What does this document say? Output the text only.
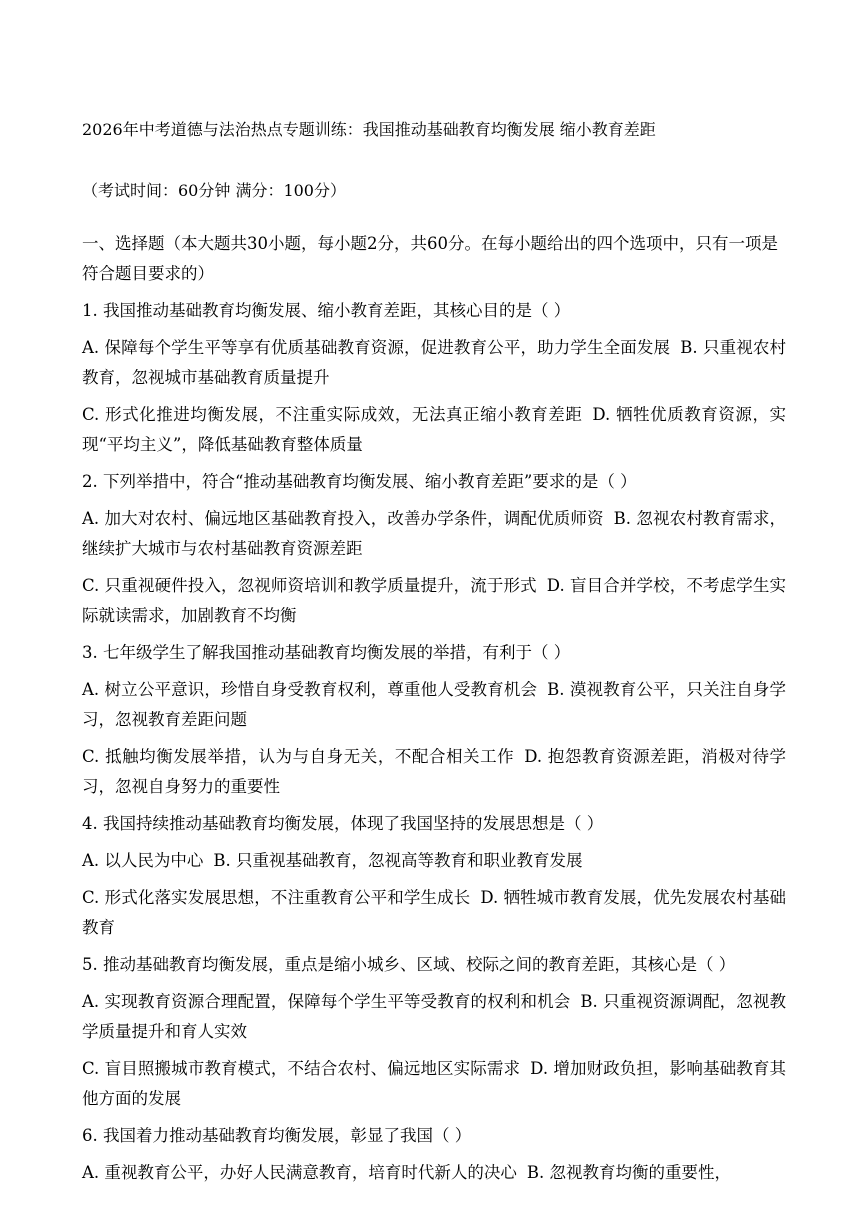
2026年中考道德与法治热点专题训练：我国推动基础教育均衡发展 缩小教育差距

（考试时间：60分钟 满分：100分）
一、选择题（本大题共30小题，每小题2分，共60分。在每小题给出的四个选项中，只有一项是符合题目要求的）
1. 我国推动基础教育均衡发展、缩小教育差距，其核心目的是（ ）
A. 保障每个学生平等享有优质基础教育资源，促进教育公平，助力学生全面发展 B. 只重视农村教育，忽视城市基础教育质量提升
C. 形式化推进均衡发展，不注重实际成效，无法真正缩小教育差距 D. 牺牲优质教育资源，实现“平均主义”，降低基础教育整体质量
2. 下列举措中，符合“推动基础教育均衡发展、缩小教育差距”要求的是（ ）
A. 加大对农村、偏远地区基础教育投入，改善办学条件，调配优质师资 B. 忽视农村教育需求，继续扩大城市与农村基础教育资源差距
C. 只重视硬件投入，忽视师资培训和教学质量提升，流于形式 D. 盲目合并学校，不考虑学生实际就读需求，加剧教育不均衡
3. 七年级学生了解我国推动基础教育均衡发展的举措，有利于（ ）
A. 树立公平意识，珍惜自身受教育权利，尊重他人受教育机会 B. 漠视教育公平，只关注自身学习，忽视教育差距问题
C. 抵触均衡发展举措，认为与自身无关，不配合相关工作 D. 抱怨教育资源差距，消极对待学习，忽视自身努力的重要性
4. 我国持续推动基础教育均衡发展，体现了我国坚持的发展思想是（ ）
A. 以人民为中心 B. 只重视基础教育，忽视高等教育和职业教育发展
C. 形式化落实发展思想，不注重教育公平和学生成长 D. 牺牲城市教育发展，优先发展农村基础教育
5. 推动基础教育均衡发展，重点是缩小城乡、区域、校际之间的教育差距，其核心是（ ）
A. 实现教育资源合理配置，保障每个学生平等受教育的权利和机会 B. 只重视资源调配，忽视教学质量提升和育人实效
C. 盲目照搬城市教育模式，不结合农村、偏远地区实际需求 D. 增加财政负担，影响基础教育其他方面的发展
6. 我国着力推动基础教育均衡发展，彰显了我国（ ）
A. 重视教育公平，办好人民满意教育，培育时代新人的决心 B. 忽视教育均衡的重要性，
